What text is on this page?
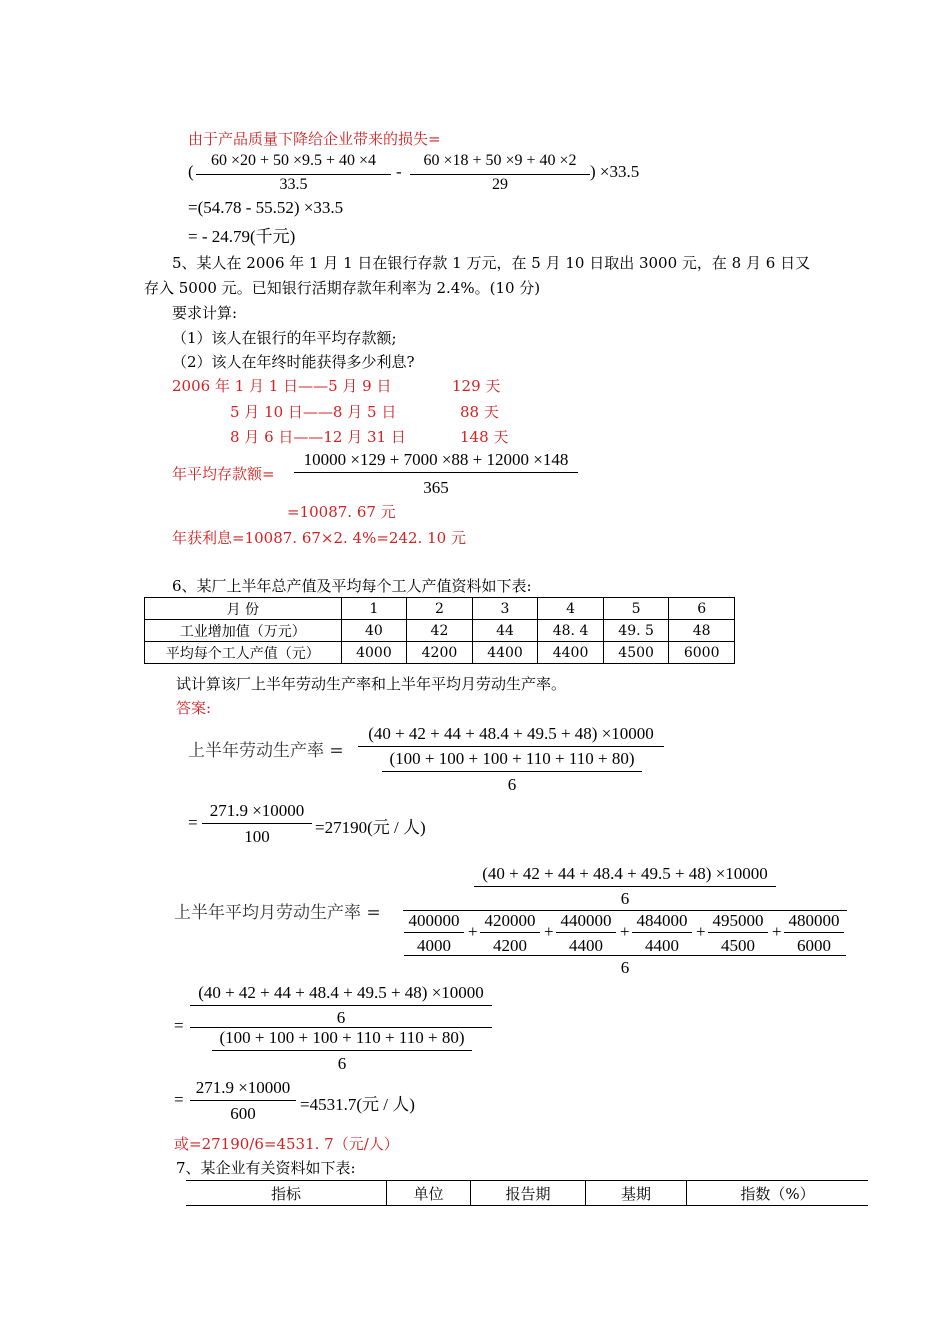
由于产品质量下降给企业带来的损失=
(
60 ×20 + 50 ×9.5 + 40 ×4
33.5
-
60 ×18 + 50 ×9 + 40 ×2
29
) ×33.5
=(54.78 - 55.52) ×33.5
= - 24.79(千元)
5、某人在 2006 年 1 月 1 日在银行存款 1 万元，在 5 月 10 日取出 3000 元，在 8 月 6 日又
存入 5000 元。已知银行活期存款年利率为 2.4%。(10 分)
要求计算:
（1）该人在银行的年平均存款额;
（2）该人在年终时能获得多少利息?
2006 年 1 月 1 日——5 月 9 日	129 天
5 月 10 日——8 月 5 日	88 天
8 月 6 日——12 月 31 日	148 天
年平均存款额=
10000 ×129 + 7000 ×88 + 12000 ×148
365
=10087. 67 元
年获利息=10087. 67×2. 4%=242. 10 元
6、某厂上半年总产值及平均每个工人产值资料如下表:
月 份	1	2	3	4	5	6
工业增加值（万元）	40	42	44	48. 4	49. 5	48
平均每个工人产值（元）	4000	4200	4400	4400	4500	6000
试计算该厂上半年劳动生产率和上半年平均月劳动生产率。
答案:
上半年劳动生产率 =
(40 + 42 + 44 + 48.4 + 49.5 + 48) ×10000
(100 + 100 + 100 + 110 + 110 + 80)
6
=
271.9 ×10000
100	=27190(元 / 人)
上半年平均月劳动生产率 =
(40 + 42 + 44 + 48.4 + 49.5 + 48) ×10000
6
400000
4000
+
420000
4200
+
440000
4400
+
484000
4400
+
495000
4500
+
480000
6000
6
=
(40 + 42 + 44 + 48.4 + 49.5 + 48) ×10000
6
(100 + 100 + 100 + 110 + 110 + 80)
6
=
271.9 ×10000
600	=4531.7(元 / 人)
或=27190/6=4531. 7（元/人）
7、某企业有关资料如下表:
指标	单位	报告期	基期	指数（%）
